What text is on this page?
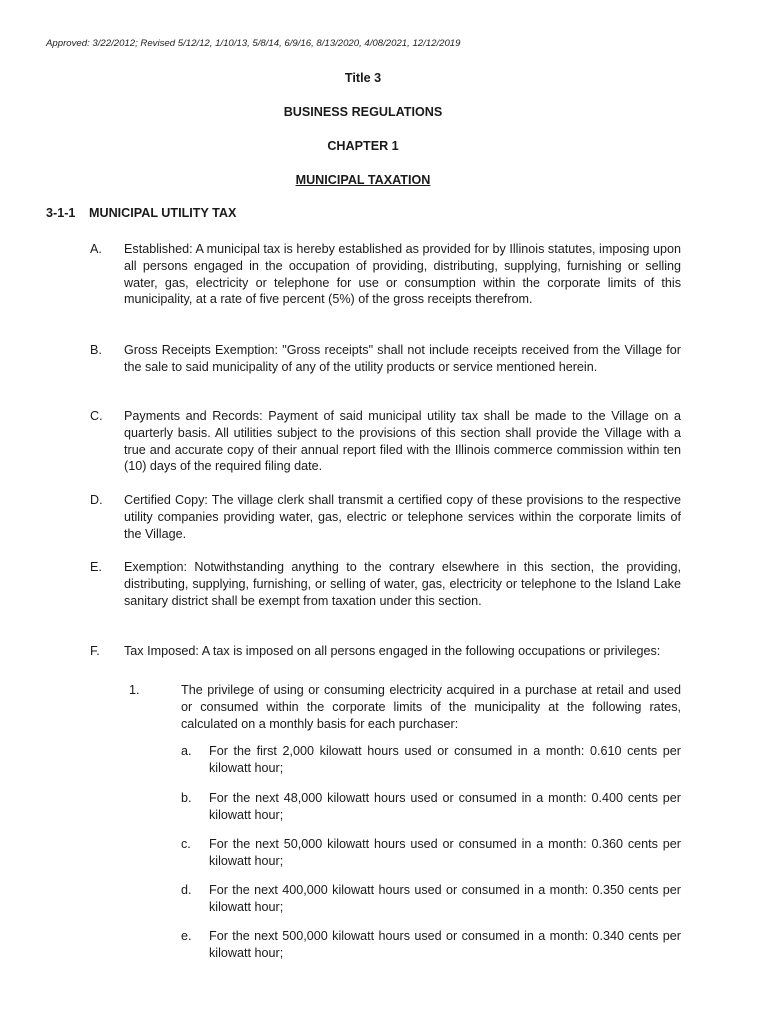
Approved: 3/22/2012; Revised 5/12/12, 1/10/13, 5/8/14, 6/9/16, 8/13/2020, 4/08/2021, 12/12/2019
Title 3
BUSINESS REGULATIONS
CHAPTER 1
MUNICIPAL TAXATION
3-1-1 MUNICIPAL UTILITY TAX
A. Established: A municipal tax is hereby established as provided for by Illinois statutes, imposing upon all persons engaged in the occupation of providing, distributing, supplying, furnishing or selling water, gas, electricity or telephone for use or consumption within the corporate limits of this municipality, at a rate of five percent (5%) of the gross receipts therefrom.
B. Gross Receipts Exemption: "Gross receipts" shall not include receipts received from the Village for the sale to said municipality of any of the utility products or service mentioned herein.
C. Payments and Records: Payment of said municipal utility tax shall be made to the Village on a quarterly basis. All utilities subject to the provisions of this section shall provide the Village with a true and accurate copy of their annual report filed with the Illinois commerce commission within ten (10) days of the required filing date.
D. Certified Copy: The village clerk shall transmit a certified copy of these provisions to the respective utility companies providing water, gas, electric or telephone services within the corporate limits of the Village.
E. Exemption: Notwithstanding anything to the contrary elsewhere in this section, the providing, distributing, supplying, furnishing, or selling of water, gas, electricity or telephone to the Island Lake sanitary district shall be exempt from taxation under this section.
F. Tax Imposed: A tax is imposed on all persons engaged in the following occupations or privileges:
1.	The privilege of using or consuming electricity acquired in a purchase at retail and used or consumed within the corporate limits of the municipality at the following rates, calculated on a monthly basis for each purchaser:
a. For the first 2,000 kilowatt hours used or consumed in a month: 0.610 cents per kilowatt hour;
b. For the next 48,000 kilowatt hours used or consumed in a month: 0.400 cents per kilowatt hour;
c. For the next 50,000 kilowatt hours used or consumed in a month: 0.360 cents per kilowatt hour;
d. For the next 400,000 kilowatt hours used or consumed in a month: 0.350 cents per kilowatt hour;
e. For the next 500,000 kilowatt hours used or consumed in a month: 0.340 cents per kilowatt hour;
